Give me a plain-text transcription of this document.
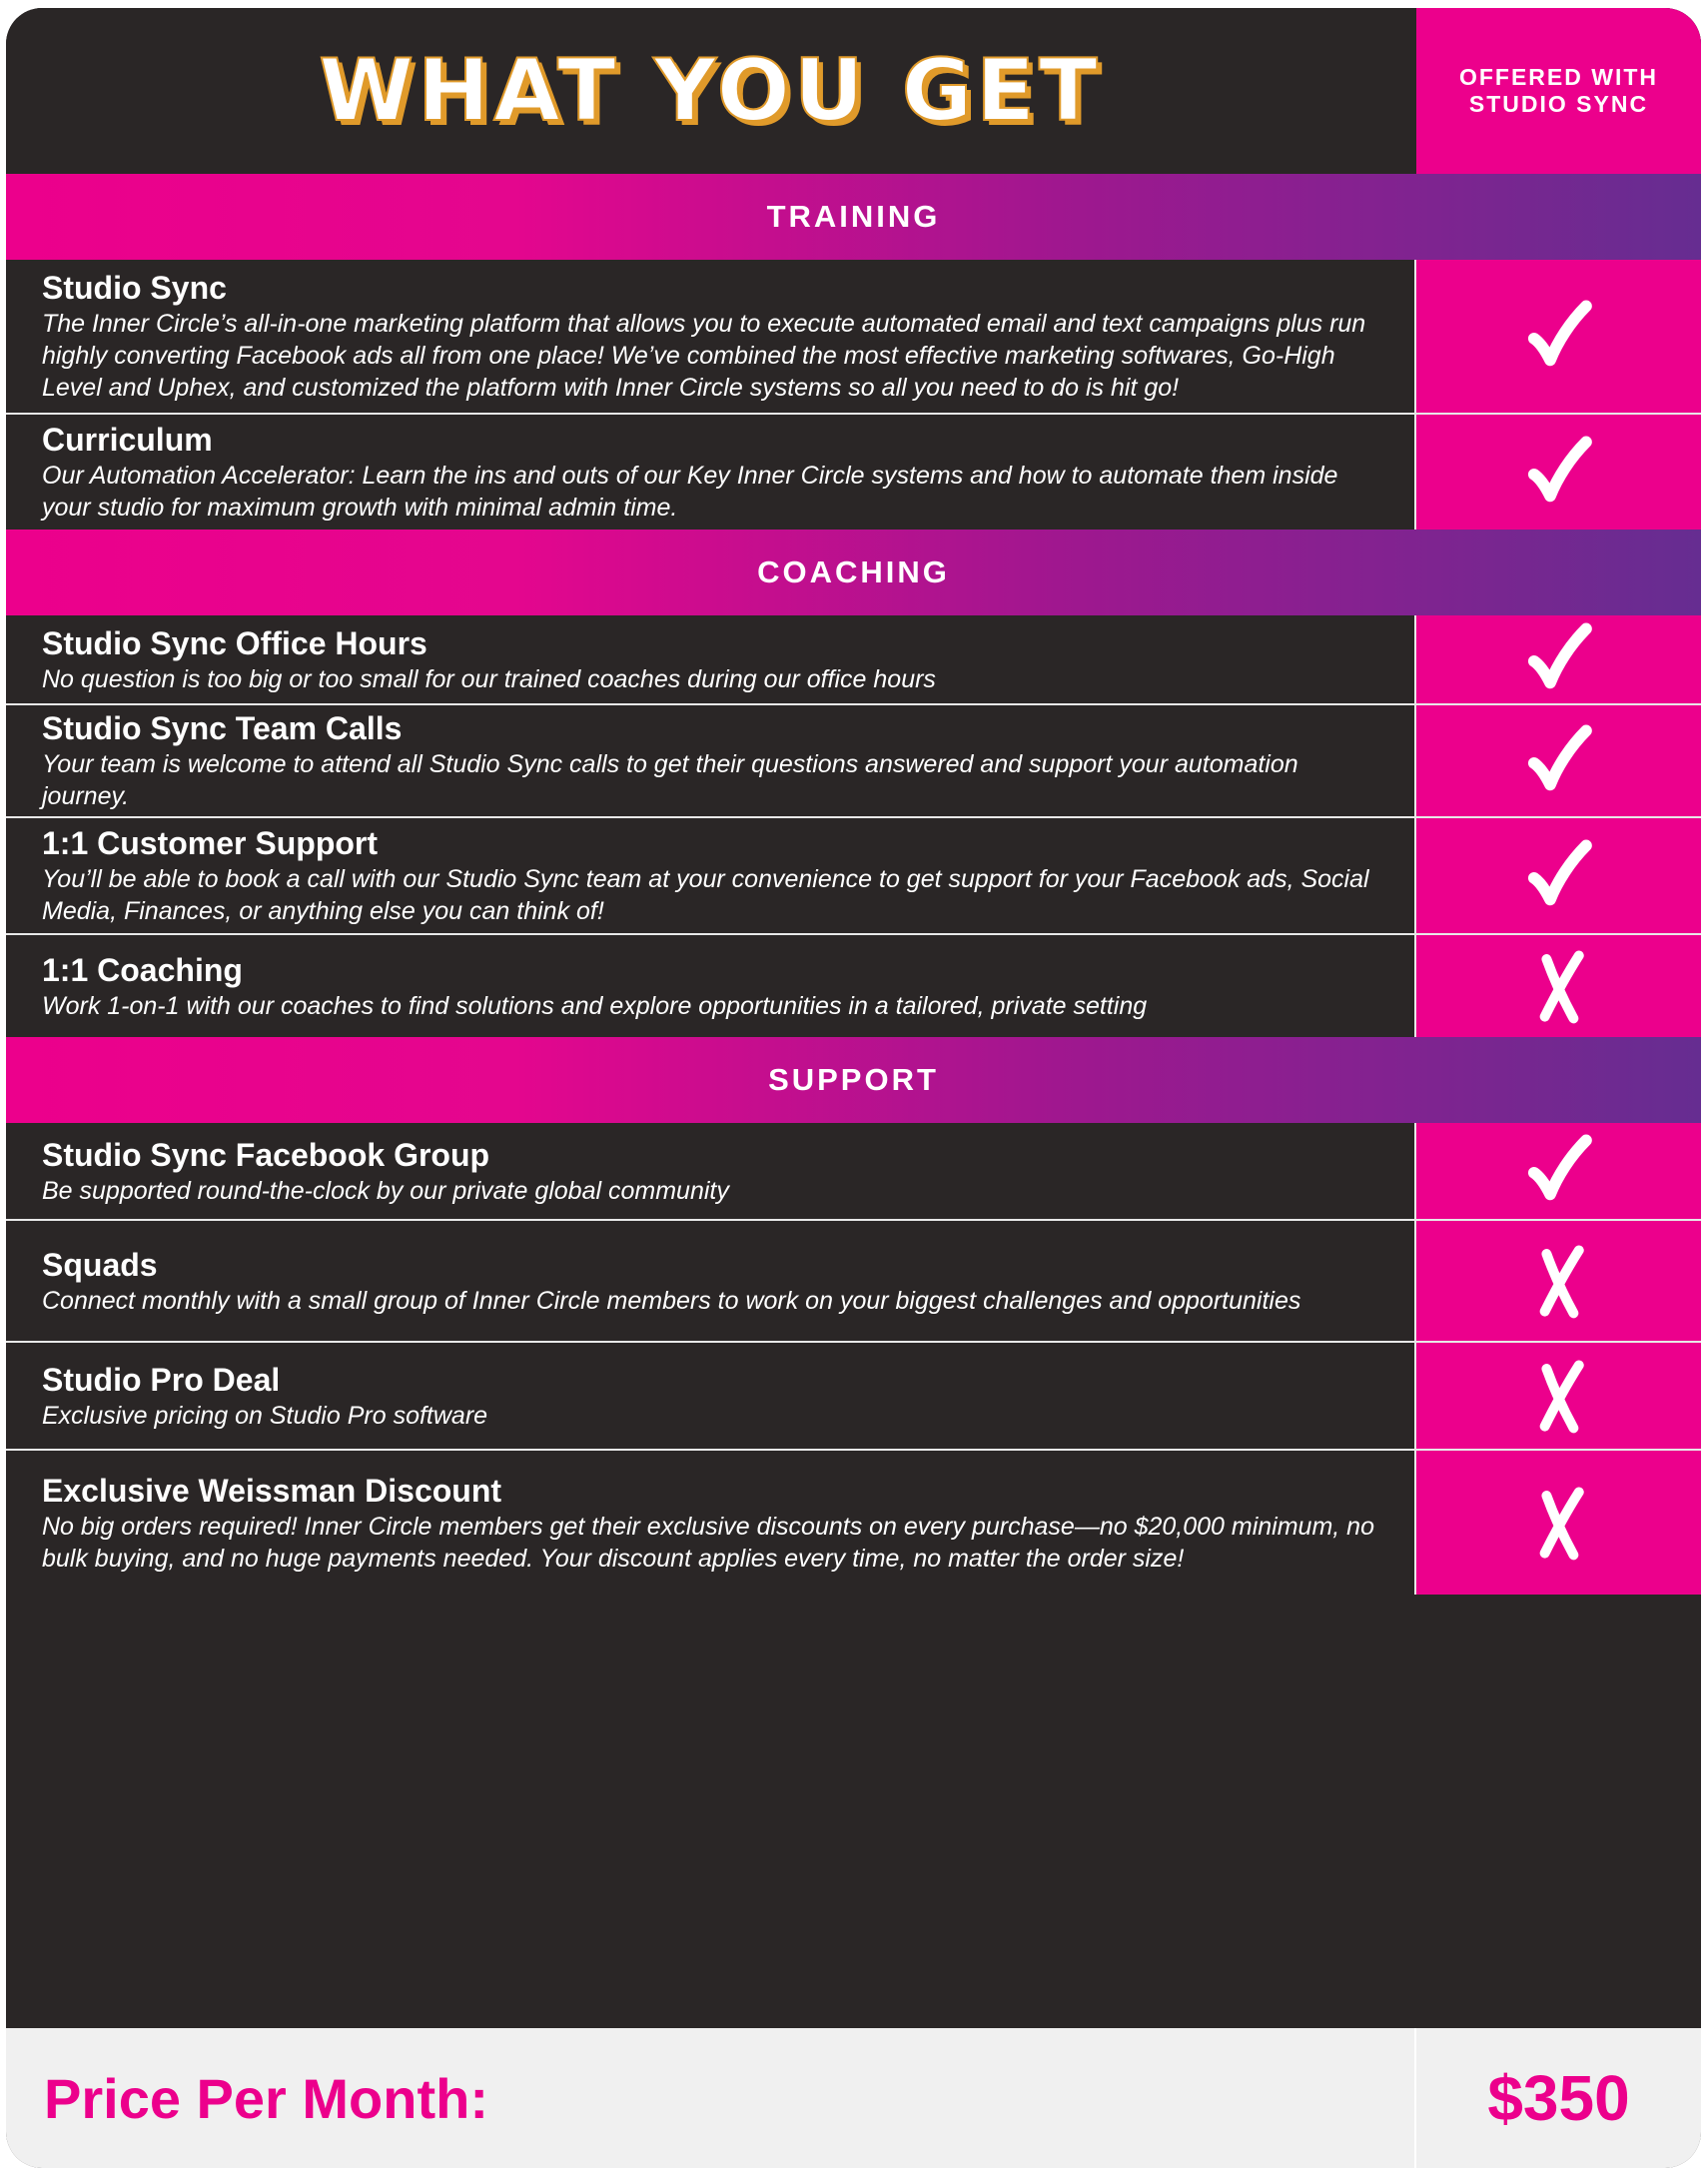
WHAT YOU GET	OFFERED WITH
STUDIO SYNC
TRAINING
Studio Sync
The Inner Circle’s all-in-one marketing platform that allows you to execute automated email and text campaigns plus run highly converting Facebook ads all from one place! We’ve combined the most effective marketing softwares, Go-High Level and Uphex, and customized the platform with Inner Circle systems so all you need to do is hit go!
Curriculum
Our Automation Accelerator: Learn the ins and outs of our Key Inner Circle systems and how to automate them inside your studio for maximum growth with minimal admin time.
COACHING
Studio Sync Office Hours
No question is too big or too small for our trained coaches during our office hours
Studio Sync Team Calls
Your team is welcome to attend all Studio Sync calls to get their questions answered and support your automation journey.
1:1 Customer Support
You’ll be able to book a call with our Studio Sync team at your convenience to get support for your Facebook ads, Social Media, Finances, or anything else you can think of!
1:1 Coaching
Work 1-on-1 with our coaches to find solutions and explore opportunities in a tailored, private setting
SUPPORT
Studio Sync Facebook Group
Be supported round-the-clock by our private global community
Squads
Connect monthly with a small group of Inner Circle members to work on your biggest challenges and opportunities
Studio Pro Deal
Exclusive pricing on Studio Pro software
Exclusive Weissman Discount
No big orders required! Inner Circle members get their exclusive discounts on every purchase—no $20,000 minimum, no bulk buying, and no huge payments needed. Your discount applies every time, no matter the order size!
Price Per Month:	$350
